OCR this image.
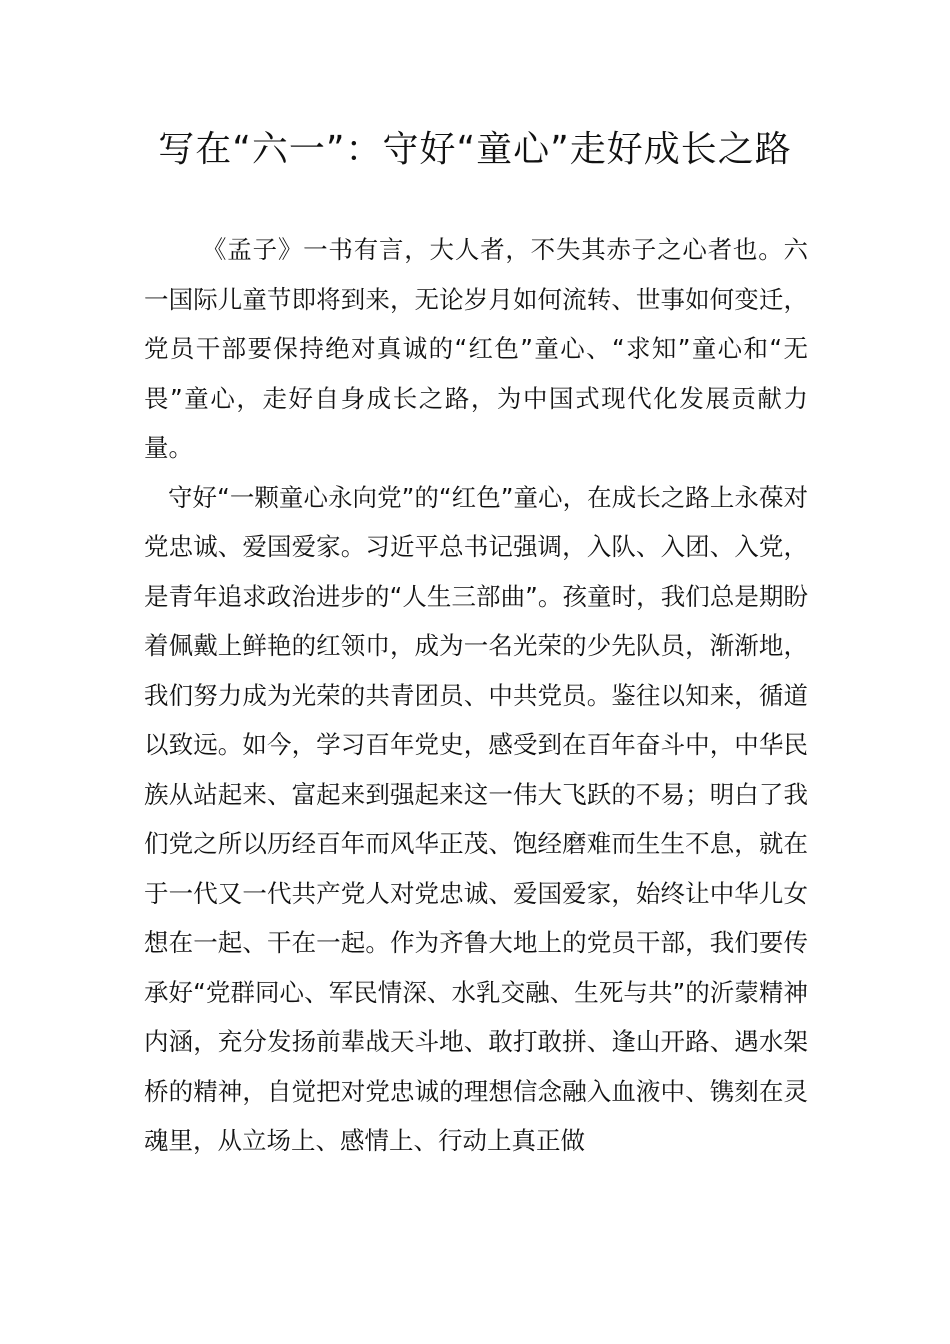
写在“六一”：守好“童心”走好成长之路

《孟子》一书有言，大人者，不失其赤子之心者也。六一国际儿童节即将到来，无论岁月如何流转、世事如何变迁，党员干部要保持绝对真诚的“红色”童心、“求知”童心和“无畏”童心，走好自身成长之路，为中国式现代化发展贡献力量。

守好“一颗童心永向党”的“红色”童心，在成长之路上永葆对党忠诚、爱国爱家。习近平总书记强调，入队、入团、入党，是青年追求政治进步的“人生三部曲”。孩童时，我们总是期盼着佩戴上鲜艳的红领巾，成为一名光荣的少先队员，渐渐地，我们努力成为光荣的共青团员、中共党员。鉴往以知来，循道以致远。如今，学习百年党史，感受到在百年奋斗中，中华民族从站起来、富起来到强起来这一伟大飞跃的不易；明白了我们党之所以历经百年而风华正茂、饱经磨难而生生不息，就在于一代又一代共产党人对党忠诚、爱国爱家，始终让中华儿女想在一起、干在一起。作为齐鲁大地上的党员干部，我们要传承好“党群同心、军民情深、水乳交融、生死与共”的沂蒙精神内涵，充分发扬前辈战天斗地、敢打敢拼、逢山开路、遇水架桥的精神，自觉把对党忠诚的理想信念融入血液中、镌刻在灵魂里，从立场上、感情上、行动上真正做
